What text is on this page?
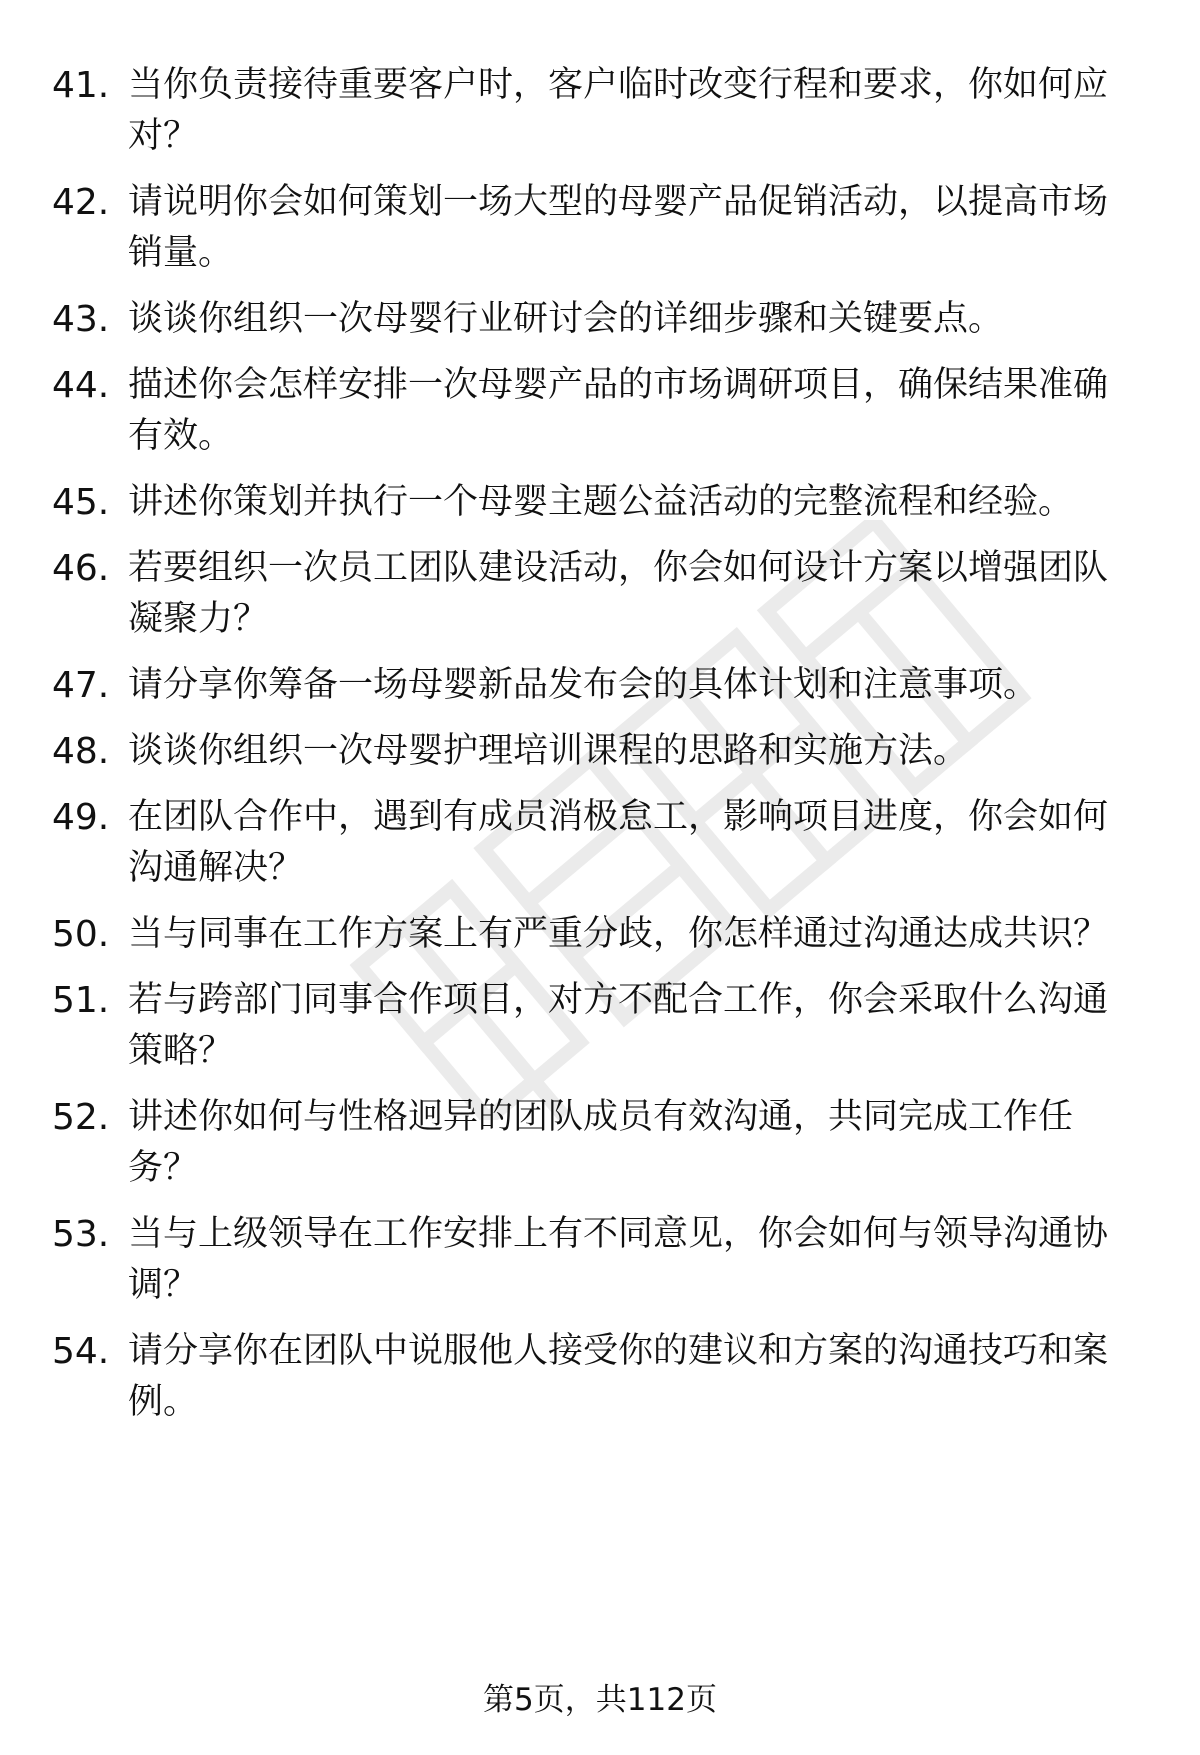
41. 当你负责接待重要客户时，客户临时改变行程和要求，你如何应对？
42. 请说明你会如何策划一场大型的母婴产品促销活动，以提高市场销量。
43. 谈谈你组织一次母婴行业研讨会的详细步骤和关键要点。
44. 描述你会怎样安排一次母婴产品的市场调研项目，确保结果准确有效。
45. 讲述你策划并执行一个母婴主题公益活动的完整流程和经验。
46. 若要组织一次员工团队建设活动，你会如何设计方案以增强团队凝聚力？
47. 请分享你筹备一场母婴新品发布会的具体计划和注意事项。
48. 谈谈你组织一次母婴护理培训课程的思路和实施方法。
49. 在团队合作中，遇到有成员消极怠工，影响项目进度，你会如何沟通解决？
50. 当与同事在工作方案上有严重分歧，你怎样通过沟通达成共识？
51. 若与跨部门同事合作项目，对方不配合工作，你会采取什么沟通策略？
52. 讲述你如何与性格迥异的团队成员有效沟通，共同完成工作任务？
53. 当与上级领导在工作安排上有不同意见，你会如何与领导沟通协调？
54. 请分享你在团队中说服他人接受你的建议和方案的沟通技巧和案例。
第5页，共112页
